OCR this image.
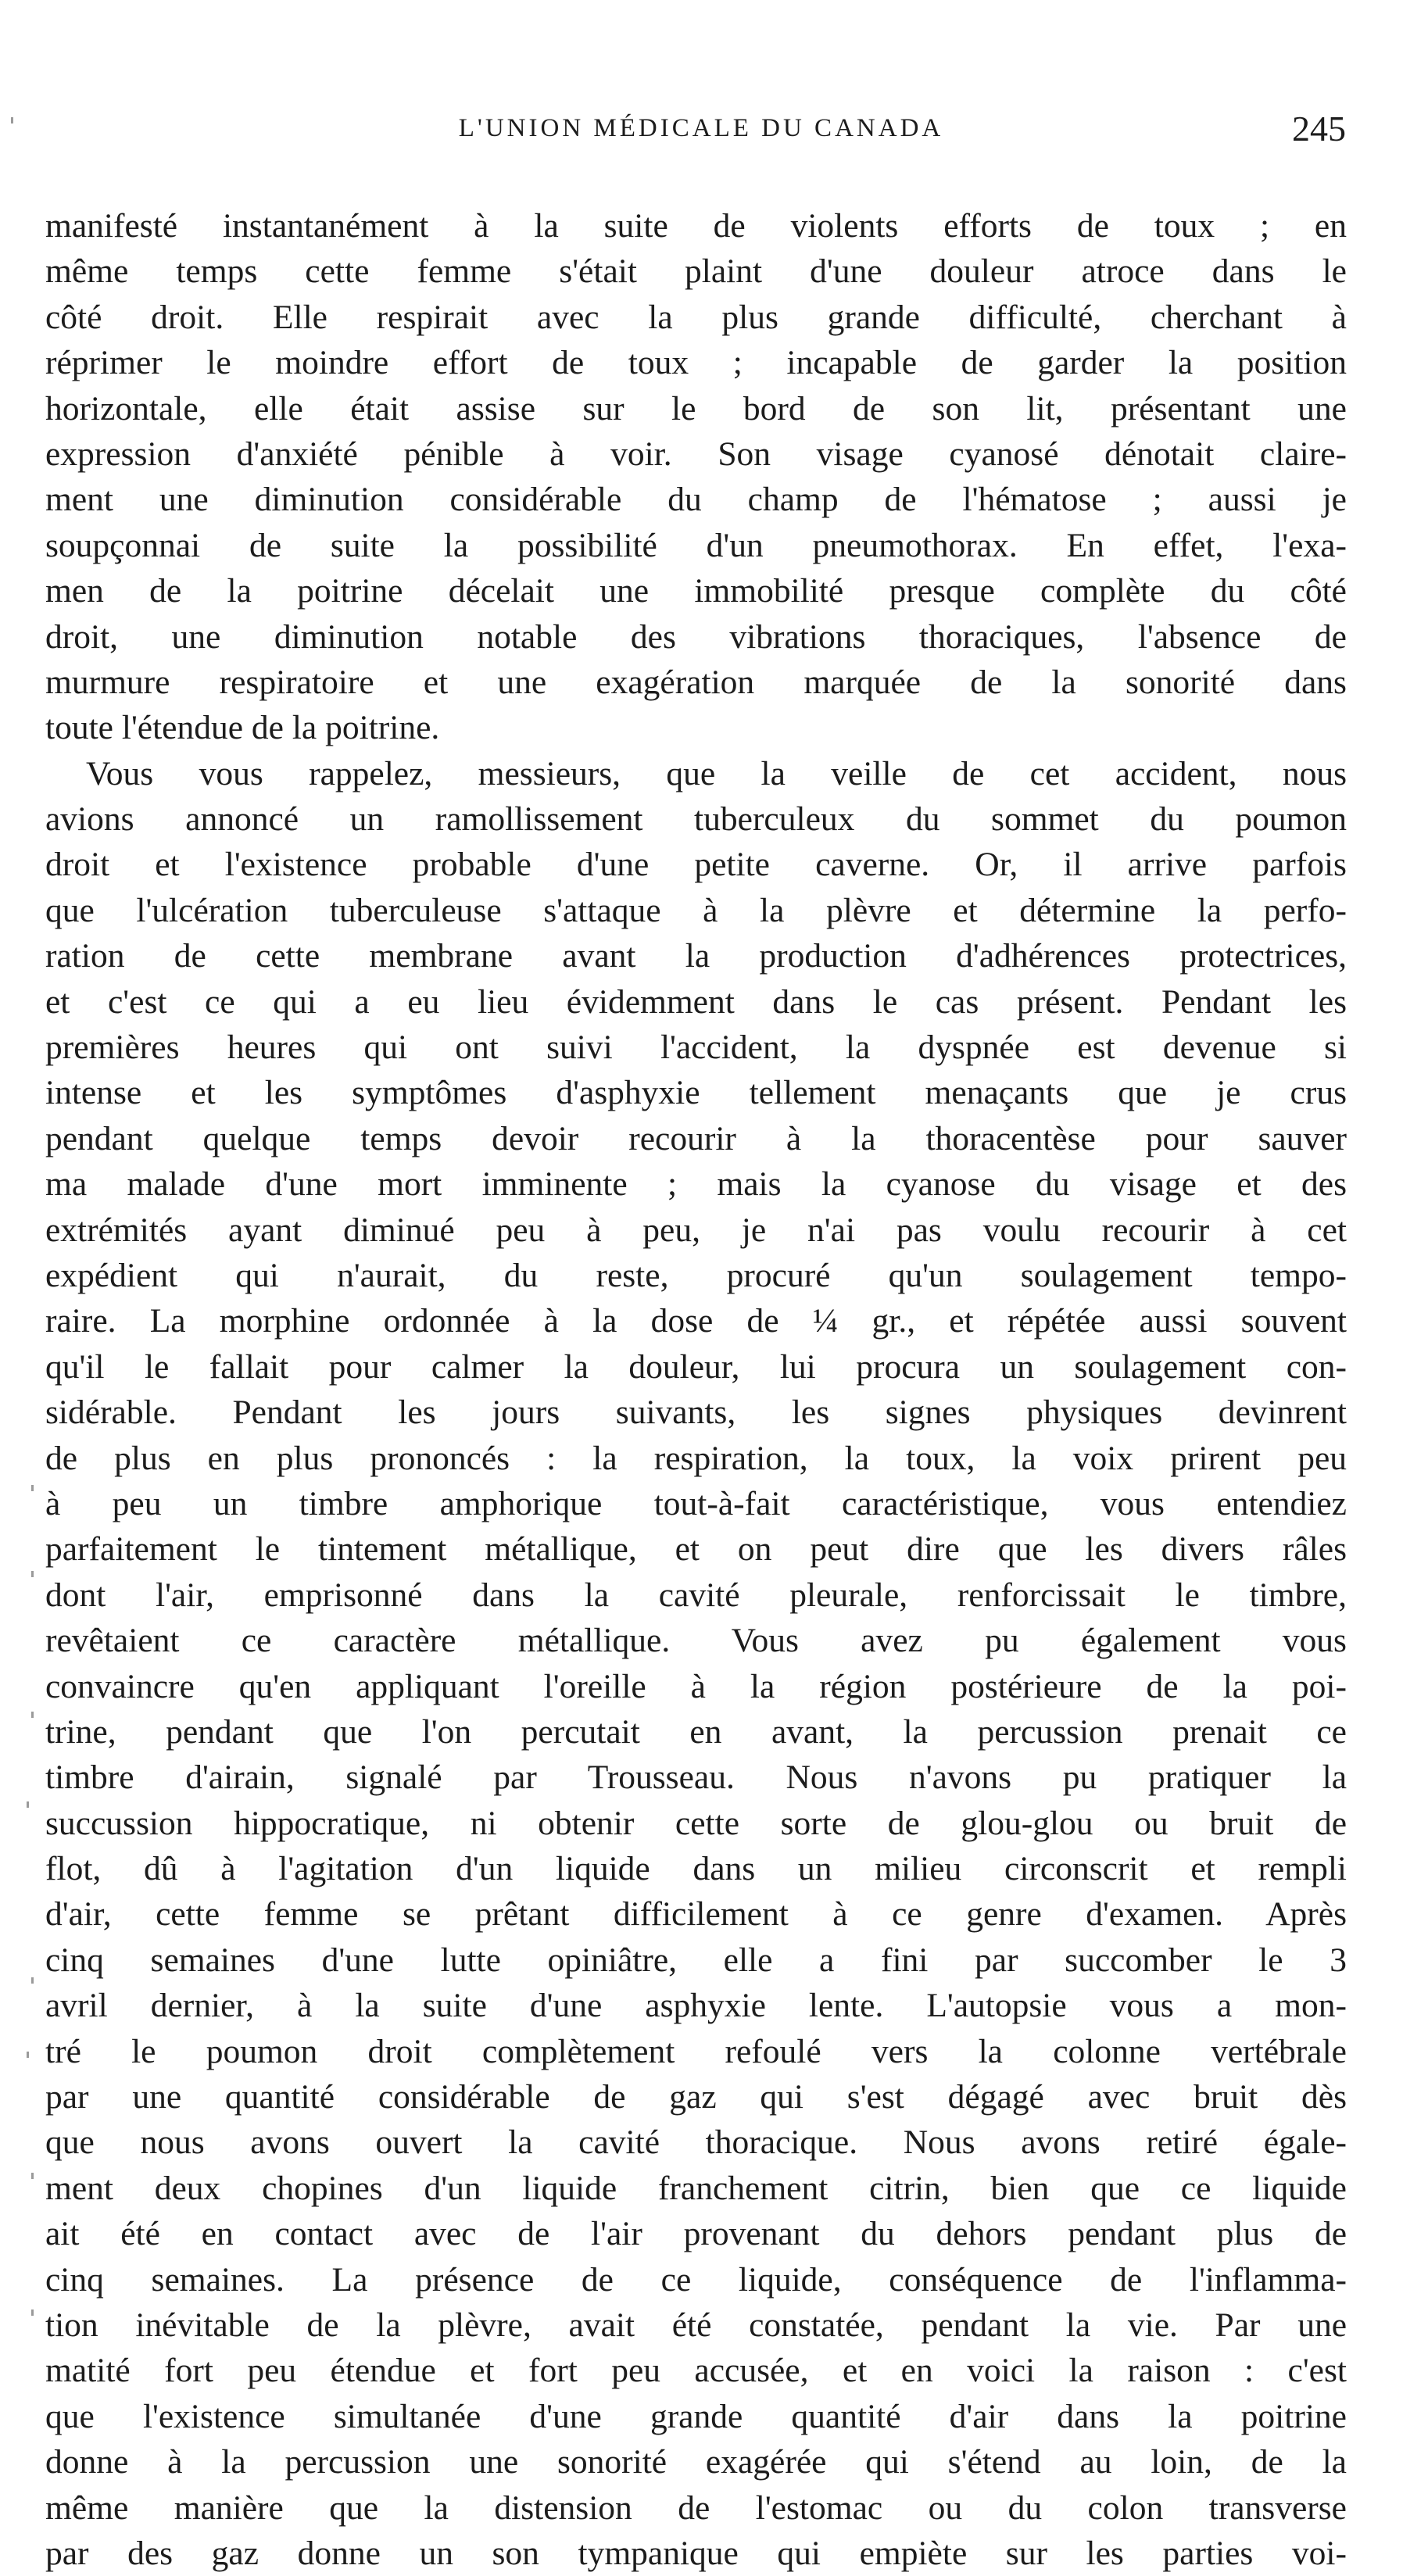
L'UNION MÉDICALE DU CANADA	245
manifesté instantanément à la suite de violents efforts de toux ; en
même temps cette femme s'était plaint d'une douleur atroce dans le
côté droit. Elle respirait avec la plus grande difficulté, cherchant à
réprimer le moindre effort de toux ; incapable de garder la position
horizontale, elle était assise sur le bord de son lit, présentant une
expression d'anxiété pénible à voir. Son visage cyanosé dénotait claire-
ment une diminution considérable du champ de l'hématose ; aussi je
soupçonnai de suite la possibilité d'un pneumothorax. En effet, l'exa-
men de la poitrine décelait une immobilité presque complète du côté
droit, une diminution notable des vibrations thoraciques, l'absence de
murmure respiratoire et une exagération marquée de la sonorité dans
toute l'étendue de la poitrine.
Vous vous rappelez, messieurs, que la veille de cet accident, nous
avions annoncé un ramollissement tuberculeux du sommet du poumon
droit et l'existence probable d'une petite caverne. Or, il arrive parfois
que l'ulcération tuberculeuse s'attaque à la plèvre et détermine la perfo-
ration de cette membrane avant la production d'adhérences protectrices,
et c'est ce qui a eu lieu évidemment dans le cas présent. Pendant les
premières heures qui ont suivi l'accident, la dyspnée est devenue si
intense et les symptômes d'asphyxie tellement menaçants que je crus
pendant quelque temps devoir recourir à la thoracentèse pour sauver
ma malade d'une mort imminente ; mais la cyanose du visage et des
extrémités ayant diminué peu à peu, je n'ai pas voulu recourir à cet
expédient qui n'aurait, du reste, procuré qu'un soulagement tempo-
raire. La morphine ordonnée à la dose de ¼ gr., et répétée aussi souvent
qu'il le fallait pour calmer la douleur, lui procura un soulagement con-
sidérable. Pendant les jours suivants, les signes physiques devinrent
de plus en plus prononcés : la respiration, la toux, la voix prirent peu
à peu un timbre amphorique tout-à-fait caractéristique, vous entendiez
parfaitement le tintement métallique, et on peut dire que les divers râles
dont l'air, emprisonné dans la cavité pleurale, renforcissait le timbre,
revêtaient ce caractère métallique. Vous avez pu également vous
convaincre qu'en appliquant l'oreille à la région postérieure de la poi-
trine, pendant que l'on percutait en avant, la percussion prenait ce
timbre d'airain, signalé par Trousseau. Nous n'avons pu pratiquer la
succussion hippocratique, ni obtenir cette sorte de glou-glou ou bruit de
flot, dû à l'agitation d'un liquide dans un milieu circonscrit et rempli
d'air, cette femme se prêtant difficilement à ce genre d'examen. Après
cinq semaines d'une lutte opiniâtre, elle a fini par succomber le 3
avril dernier, à la suite d'une asphyxie lente. L'autopsie vous a mon-
tré le poumon droit complètement refoulé vers la colonne vertébrale
par une quantité considérable de gaz qui s'est dégagé avec bruit dès
que nous avons ouvert la cavité thoracique. Nous avons retiré égale-
ment deux chopines d'un liquide franchement citrin, bien que ce liquide
ait été en contact avec de l'air provenant du dehors pendant plus de
cinq semaines. La présence de ce liquide, conséquence de l'inflamma-
tion inévitable de la plèvre, avait été constatée, pendant la vie. Par une
matité fort peu étendue et fort peu accusée, et en voici la raison : c'est
que l'existence simultanée d'une grande quantité d'air dans la poitrine
donne à la percussion une sonorité exagérée qui s'étend au loin, de la
même manière que la distension de l'estomac ou du colon transverse
par des gaz donne un son tympanique qui empiète sur les parties voi-
